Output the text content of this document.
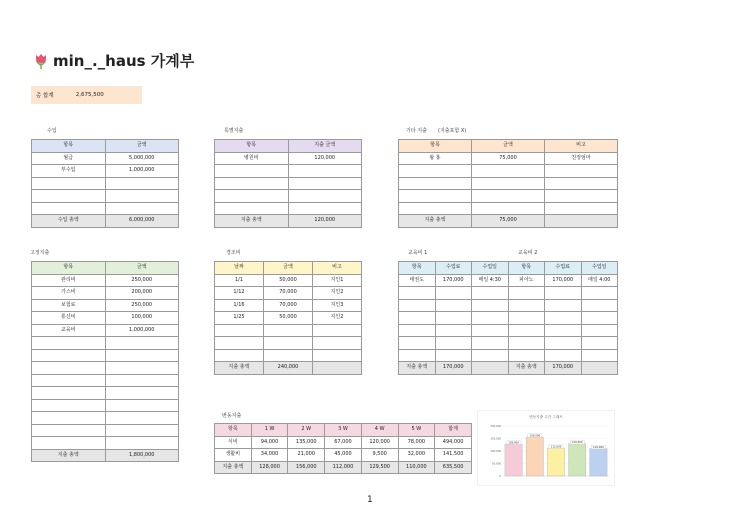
min_._haus 가계부
총 합계	2,675,500
수입	특별지출	기타 지출 (지출포함 X)
고정지출	경조비	교육비 1	교육비 2
변동지출
항목	금액
월급	5,000,000
부수입	1,000,000

수입 총액	6,000,000
항목	지출 금액
병원비	120,000

지출 총액	120,000
항목	금액	비고
왕 홍	75,000	친정엄마

지출 총액	75,000	
항목	금액
관리비	250,000
가스비	200,000
보험료	250,000
통신비	100,000
교육비	1,000,000

지출 총액	1,800,000
날짜	금액	비고
1/1	50,000	지인1
1/12	70,000	지인2
1/16	70,000	지인3
1/25	50,000	지인2

지출 총액	240,000	
항목	수업료	수업일	항목	수업료	수업일
태권도	170,000	매일 4:30	피아노	170,000	매일 4:00

지출 총액	170,000		지출 총액	170,000	
항목	1 W	2 W	3 W	4 W	5 W	합계
식비	94,000	135,000	67,000	120,000	78,000	494,000
생활비	34,000	21,000	45,000	9,500	32,000	141,500
지출 총액	128,000	156,000	112,000	129,500	110,000	635,500
변동지출 주간 그래프
0
50,000
100,000
150,000
200,000
128,000
156,000
112,000
129,500
110,000
1
